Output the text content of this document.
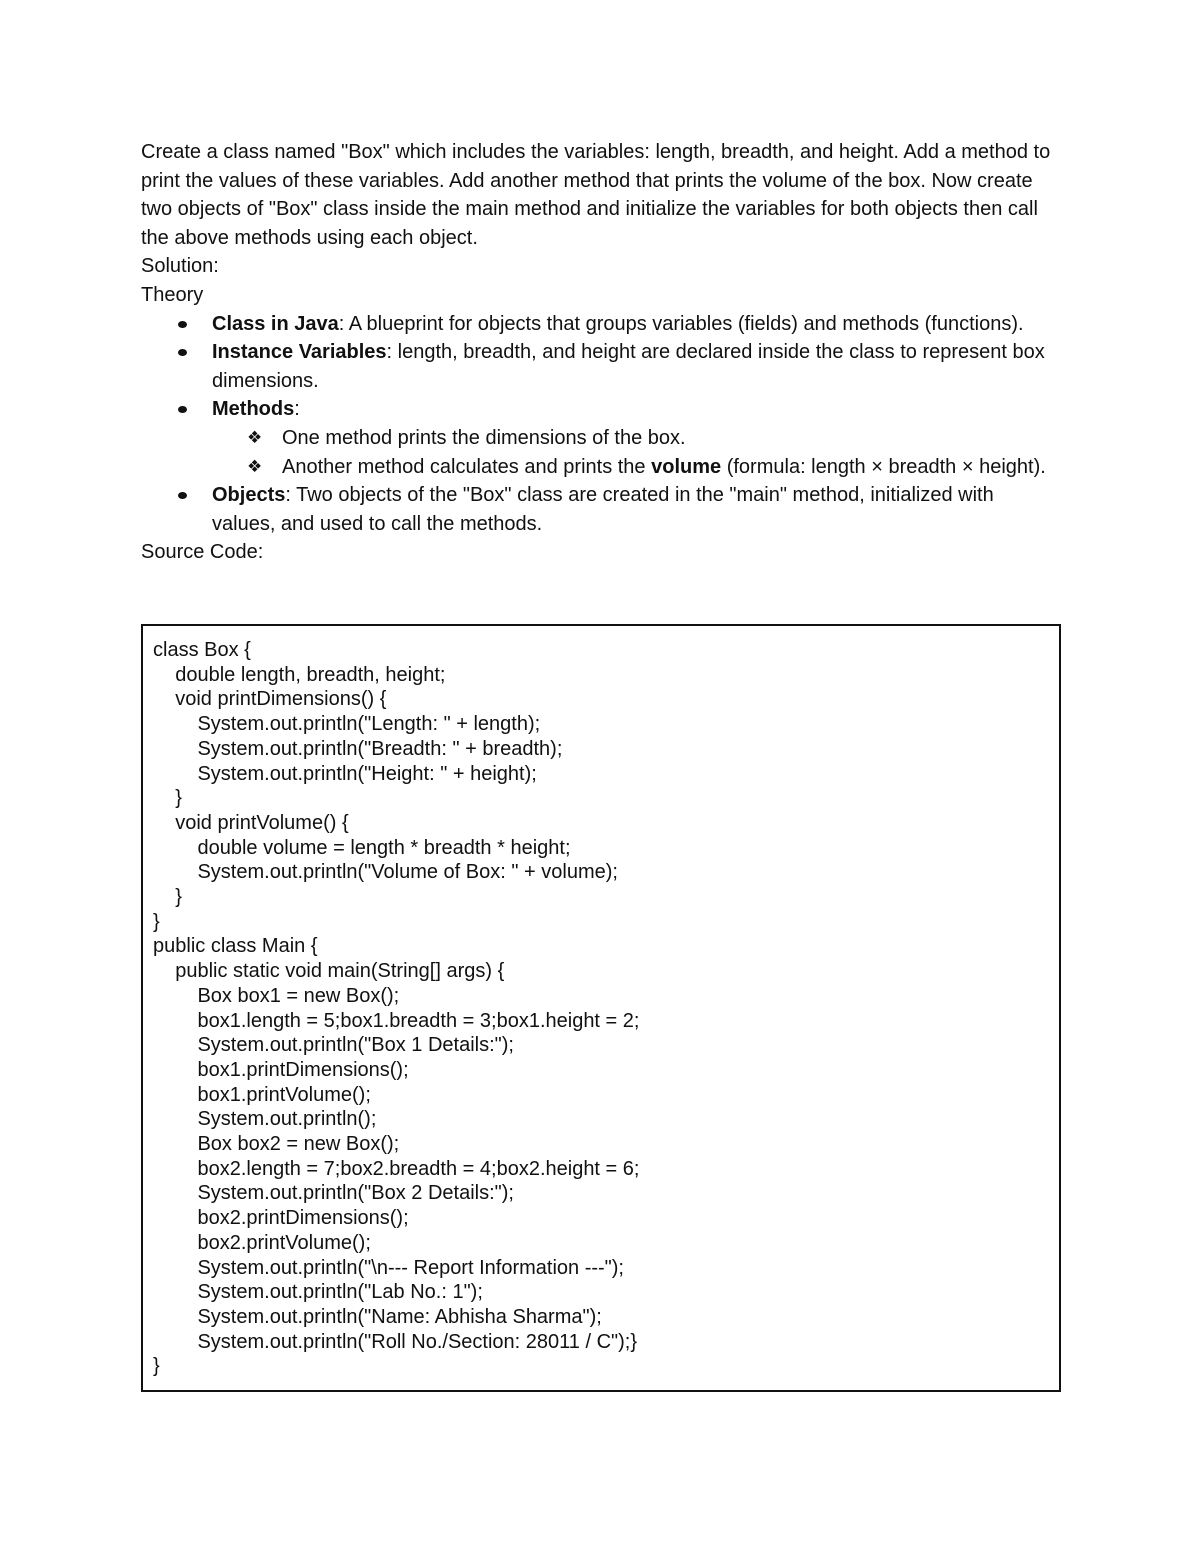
Create a class named "Box" which includes the variables: length, breadth, and height. Add a method to print the values of these variables. Add another method that prints the volume of the box. Now create two objects of "Box" class inside the main method and initialize the variables for both objects then call the above methods using each object.

Solution:

Theory

Class in Java: A blueprint for objects that groups variables (fields) and methods (functions).
Instance Variables: length, breadth, and height are declared inside the class to represent box dimensions.
Methods:
❖ One method prints the dimensions of the box.
❖ Another method calculates and prints the volume (formula: length × breadth × height).
Objects: Two objects of the "Box" class are created in the "main" method, initialized with values, and used to call the methods.

Source Code:

class Box {
double length, breadth, height;
void printDimensions() {
System.out.println("Length: " + length);
System.out.println("Breadth: " + breadth);
System.out.println("Height: " + height);
}
void printVolume() {
double volume = length * breadth * height;
System.out.println("Volume of Box: " + volume);
}
}
public class Main {
public static void main(String[] args) {
Box box1 = new Box();
box1.length = 5;box1.breadth = 3;box1.height = 2;
System.out.println("Box 1 Details:");
box1.printDimensions();
box1.printVolume();
System.out.println();
Box box2 = new Box();
box2.length = 7;box2.breadth = 4;box2.height = 6;
System.out.println("Box 2 Details:");
box2.printDimensions();
box2.printVolume();
System.out.println("\n--- Report Information ---");
System.out.println("Lab No.: 1");
System.out.println("Name: Abhisha Sharma");
System.out.println("Roll No./Section: 28011 / C");}
}
